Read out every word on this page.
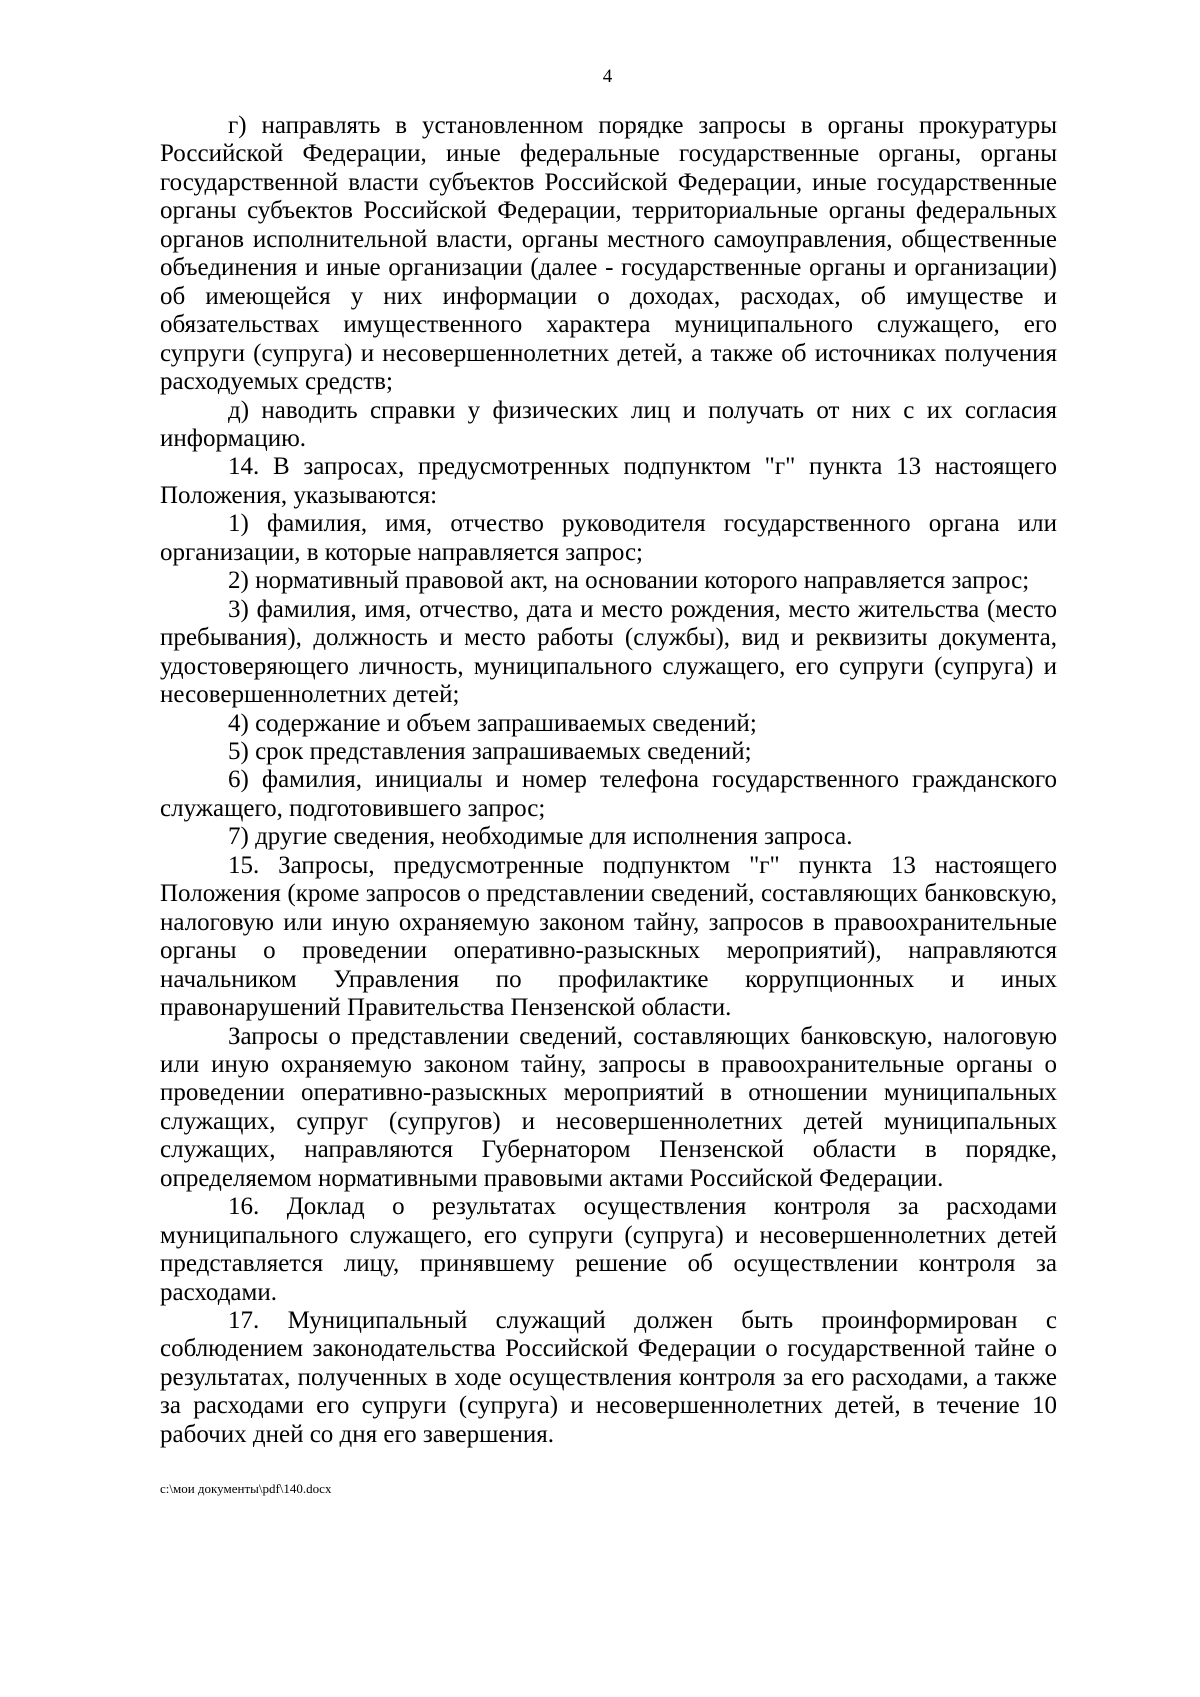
4

г) направлять в установленном порядке запросы в органы прокуратуры Российской Федерации, иные федеральные государственные органы, органы государственной власти субъектов Российской Федерации, иные государственные органы субъектов Российской Федерации, территориальные органы федеральных органов исполнительной власти, органы местного самоуправления, общественные объединения и иные организации (далее - государственные органы и организации) об имеющейся у них информации о доходах, расходах, об имуществе и обязательствах имущественного характера муниципального служащего, его супруги (супруга) и несовершеннолетних детей, а также об источниках получения расходуемых средств;

д) наводить справки у физических лиц и получать от них с их согласия информацию.

14. В запросах, предусмотренных подпунктом "г" пункта 13 настоящего Положения, указываются:

1) фамилия, имя, отчество руководителя государственного органа или организации, в которые направляется запрос;

2) нормативный правовой акт, на основании которого направляется запрос;

3) фамилия, имя, отчество, дата и место рождения, место жительства (место пребывания), должность и место работы (службы), вид и реквизиты документа, удостоверяющего личность, муниципального служащего, его супруги (супруга) и несовершеннолетних детей;

4) содержание и объем запрашиваемых сведений;

5) срок представления запрашиваемых сведений;

6) фамилия, инициалы и номер телефона государственного гражданского служащего, подготовившего запрос;

7) другие сведения, необходимые для исполнения запроса.

15. Запросы, предусмотренные подпунктом "г" пункта 13 настоящего Положения (кроме запросов о представлении сведений, составляющих банковскую, налоговую или иную охраняемую законом тайну, запросов в правоохранительные органы о проведении оперативно-разыскных мероприятий), направляются начальником Управления по профилактике коррупционных и иных правонарушений Правительства Пензенской области.

Запросы о представлении сведений, составляющих банковскую, налоговую или иную охраняемую законом тайну, запросы в правоохранительные органы о проведении оперативно-разыскных мероприятий в отношении муниципальных служащих, супруг (супругов) и несовершеннолетних детей муниципальных служащих, направляются Губернатором Пензенской области в порядке, определяемом нормативными правовыми актами Российской Федерации.

16. Доклад о результатах осуществления контроля за расходами муниципального служащего, его супруги (супруга) и несовершеннолетних детей представляется лицу, принявшему решение об осуществлении контроля за расходами.

17. Муниципальный служащий должен быть проинформирован с соблюдением законодательства Российской Федерации о государственной тайне о результатах, полученных в ходе осуществления контроля за его расходами, а также за расходами его супруги (супруга) и несовершеннолетних детей, в течение 10 рабочих дней со дня его завершения.

c:\мои документы\pdf\140.docx
